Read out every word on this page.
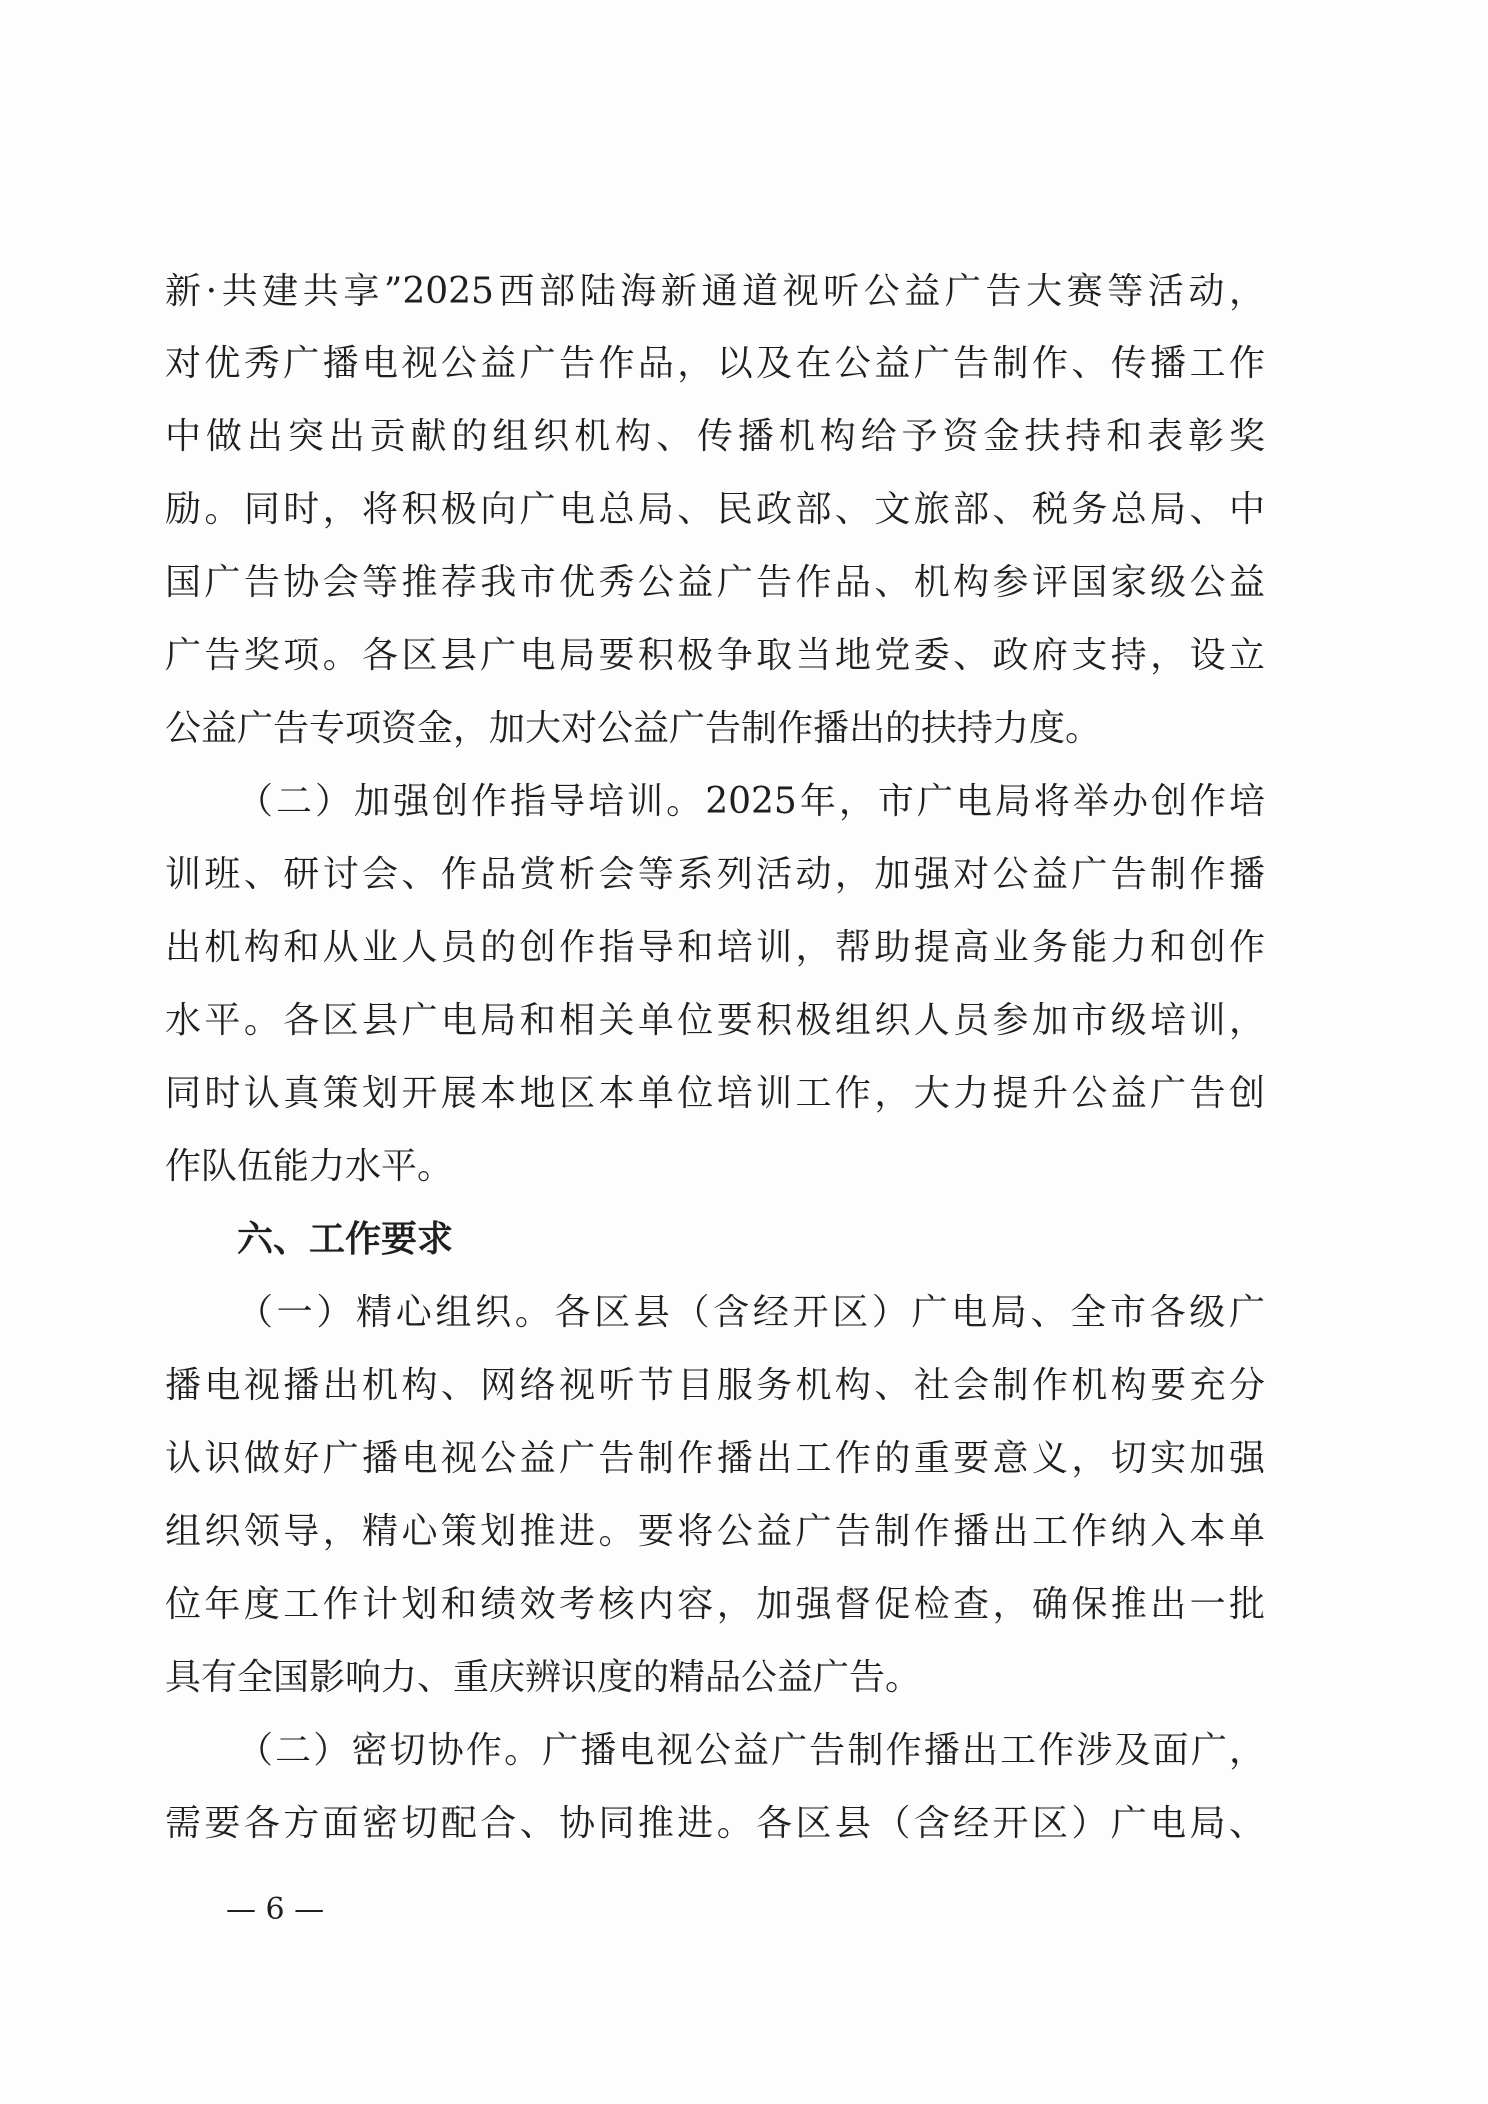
新·共建共享”2025西部陆海新通道视听公益广告大赛等活动，
对优秀广播电视公益广告作品，以及在公益广告制作、传播工作
中做出突出贡献的组织机构、传播机构给予资金扶持和表彰奖
励。同时，将积极向广电总局、民政部、文旅部、税务总局、中
国广告协会等推荐我市优秀公益广告作品、机构参评国家级公益
广告奖项。各区县广电局要积极争取当地党委、政府支持，设立
公益广告专项资金，加大对公益广告制作播出的扶持力度。
（二）加强创作指导培训。2025年，市广电局将举办创作培
训班、研讨会、作品赏析会等系列活动，加强对公益广告制作播
出机构和从业人员的创作指导和培训，帮助提高业务能力和创作
水平。各区县广电局和相关单位要积极组织人员参加市级培训，
同时认真策划开展本地区本单位培训工作，大力提升公益广告创
作队伍能力水平。
六、工作要求
（一）精心组织。各区县（含经开区）广电局、全市各级广
播电视播出机构、网络视听节目服务机构、社会制作机构要充分
认识做好广播电视公益广告制作播出工作的重要意义，切实加强
组织领导，精心策划推进。要将公益广告制作播出工作纳入本单
位年度工作计划和绩效考核内容，加强督促检查，确保推出一批
具有全国影响力、重庆辨识度的精品公益广告。
（二）密切协作。广播电视公益广告制作播出工作涉及面广，
需要各方面密切配合、协同推进。各区县（含经开区）广电局、
— 6 —
